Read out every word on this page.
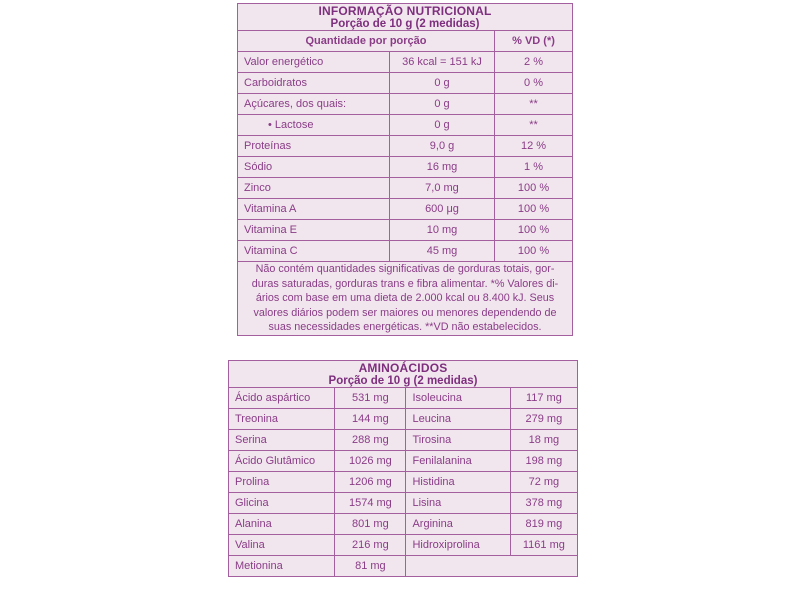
INFORMAÇÃO NUTRICIONAL
Porção de 10 g (2 medidas)		

Quantidade por porção		% VD (*)
Valor energético	36 kcal = 151 kJ	2 %
Carboidratos	0 g	0 %
Açúcares, dos quais:	0 g	**
• Lactose	0 g	**
Proteínas	9,0 g	12 %
Sódio	16 mg	1 %
Zinco	7,0 mg	100 %
Vitamina A	600 μg	100 %
Vitamina E	10 mg	100 %
Vitamina C	45 mg	100 %

Não contém quantidades significativas de gorduras totais, gor-
duras saturadas, gorduras trans e fibra alimentar. *% Valores di-
ários com base em uma dieta de 2.000 kcal ou 8.400 kJ. Seus
valores diários podem ser maiores ou menores dependendo de
suas necessidades energéticas. **VD não estabelecidos.		
AMINOÁCIDOS
Porção de 10 g (2 medidas)			

Ácido aspártico	531 mg	Isoleucina	117 mg
Treonina	144 mg	Leucina	279 mg
Serina	288 mg	Tirosina	18 mg
Ácido Glutâmico	1026 mg	Fenilalanina	198 mg
Prolina	1206 mg	Histidina	72 mg
Glicina	1574 mg	Lisina	378 mg
Alanina	801 mg	Arginina	819 mg
Valina	216 mg	Hidroxiprolina	1161 mg
Metionina	81 mg		
